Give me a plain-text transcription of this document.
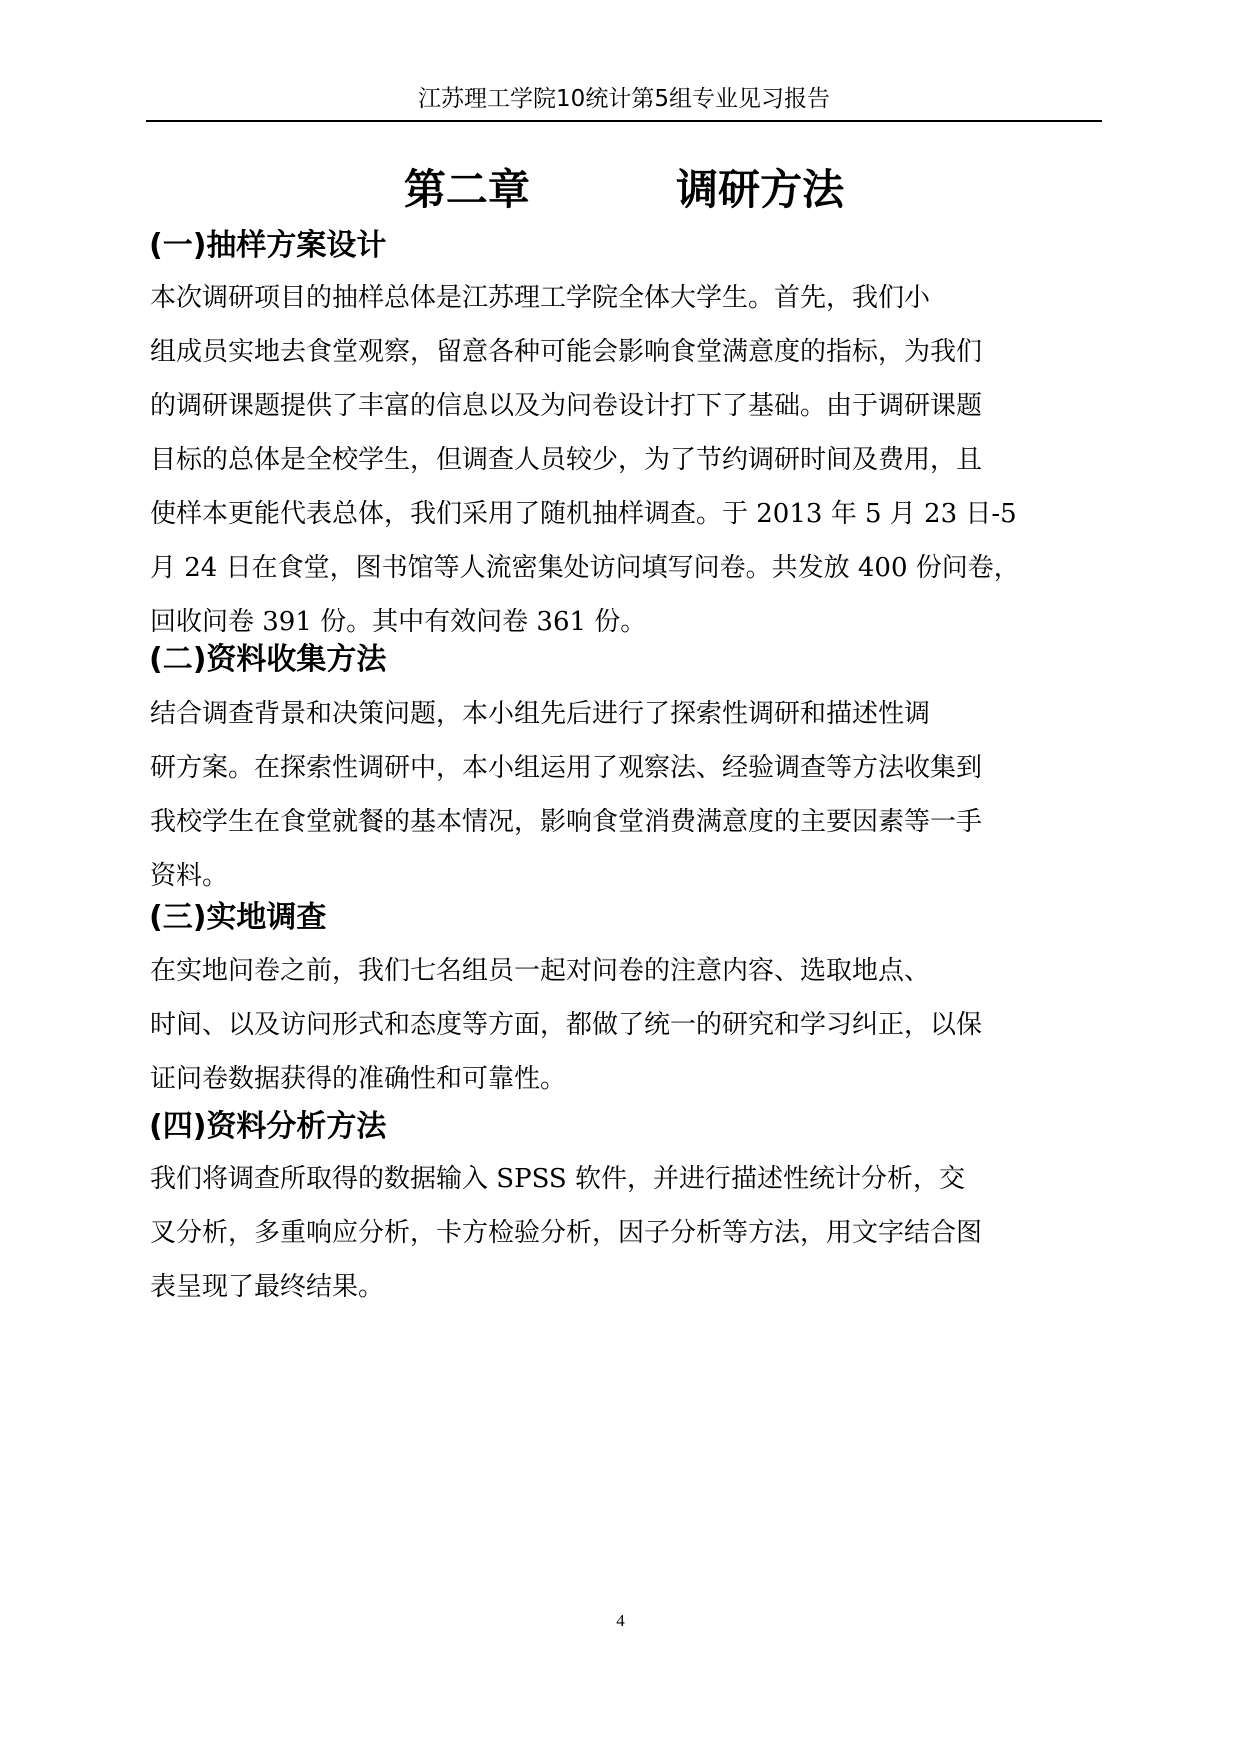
江苏理工学院10统计第5组专业见习报告
第二章          调研方法
(一)抽样方案设计
本次调研项目的抽样总体是江苏理工学院全体大学生。首先，我们小
组成员实地去食堂观察，留意各种可能会影响食堂满意度的指标，为我们
的调研课题提供了丰富的信息以及为问卷设计打下了基础。由于调研课题
目标的总体是全校学生，但调查人员较少，为了节约调研时间及费用，且
使样本更能代表总体，我们采用了随机抽样调查。于 2013 年 5 月 23 日-5
月 24 日在食堂，图书馆等人流密集处访问填写问卷。共发放 400 份问卷，
回收问卷 391 份。其中有效问卷 361 份。
(二)资料收集方法
结合调查背景和决策问题，本小组先后进行了探索性调研和描述性调
研方案。在探索性调研中，本小组运用了观察法、经验调查等方法收集到
我校学生在食堂就餐的基本情况，影响食堂消费满意度的主要因素等一手
资料。
(三)实地调查
在实地问卷之前，我们七名组员一起对问卷的注意内容、选取地点、
时间、以及访问形式和态度等方面，都做了统一的研究和学习纠正，以保
证问卷数据获得的准确性和可靠性。
(四)资料分析方法
我们将调查所取得的数据输入 SPSS 软件，并进行描述性统计分析，交
叉分析，多重响应分析，卡方检验分析，因子分析等方法，用文字结合图
表呈现了最终结果。
4
